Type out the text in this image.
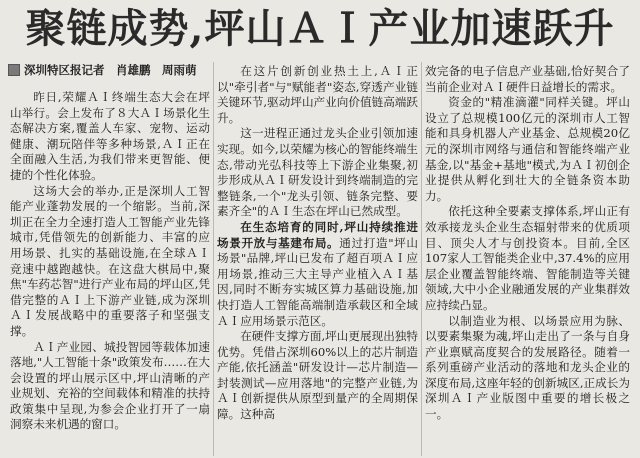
聚链成势,坪山ＡＩ产业加速跃升
深圳特区报记者　肖雄鹏　周雨萌

昨日,荣耀ＡＩ终端生态大会在坪山举行。会上发布了８大ＡＩ场景化生态解决方案,覆盖人车家、宠物、运动健康、潮玩陪伴等多种场景,ＡＩ正在全面融入生活,为我们带来更智能、便捷的个性化体验。

这场大会的举办,正是深圳人工智能产业蓬勃发展的一个缩影。当前,深圳正在全力全速打造人工智能产业先锋城市,凭借领先的创新能力、丰富的应用场景、扎实的基础设施,在全球ＡＩ竞速中越跑越快。在这盘大棋局中,聚焦"车药芯智"进行产业布局的坪山区,凭借完整的ＡＩ上下游产业链,成为深圳ＡＩ发展战略中的重要落子和坚强支撑。

ＡＩ产业园、城投智园等载体加速落地,"人工智能十条"政策发布……在大会设置的坪山展示区中,坪山清晰的产业规划、充裕的空间载体和精准的扶持政策集中呈现,为参会企业打开了一扇洞察未来机遇的窗口。

在这片创新创业热土上,ＡＩ正以"牵引者"与"赋能者"姿态,穿透产业链关键环节,驱动坪山产业向价值链高端跃升。

这一进程正通过龙头企业引领加速实现。如今,以荣耀为核心的智能终端生态,带动光弘科技等上下游企业集聚,初步形成从ＡＩ研发设计到终端制造的完整链条,一个"龙头引领、链条完整、要素齐全"的ＡＩ生态在坪山已然成型。

在生态培育的同时,坪山持续推进场景开放与基建布局。通过打造"坪山场景"品牌,坪山已发布了超百项ＡＩ应用场景,推动三大主导产业植入ＡＩ基因,同时不断夯实城区算力基础设施,加快打造人工智能高端制造承载区和全域ＡＩ应用场景示范区。

在硬件支撑方面,坪山更展现出独特优势。凭借占深圳60%以上的芯片制造产能,依托涵盖"研发设计—芯片制造—封装测试—应用落地"的完整产业链,为ＡＩ创新提供从原型到量产的全周期保障。这种高

效完备的电子信息产业基础,恰好契合了当前企业对ＡＩ硬件日益增长的需求。

资金的"精准滴灌"同样关键。坪山设立了总规模100亿元的深圳市人工智能和具身机器人产业基金、总规模20亿元的深圳市网络与通信和智能终端产业基金,以"基金+基地"模式,为ＡＩ初创企业提供从孵化到壮大的全链条资本助力。

依托这种全要素支撑体系,坪山正有效承接龙头企业生态辐射带来的优质项目、顶尖人才与创投资本。目前,全区107家人工智能类企业中,37.4%的应用层企业覆盖智能终端、智能制造等关键领域,大中小企业融通发展的产业集群效应持续凸显。

以制造业为根、以场景应用为脉、以要素集聚为魂,坪山走出了一条与自身产业禀赋高度契合的发展路径。随着一系列重磅产业活动的落地和龙头企业的深度布局,这座年轻的创新城区,正成长为深圳ＡＩ产业版图中重要的增长极之一。
